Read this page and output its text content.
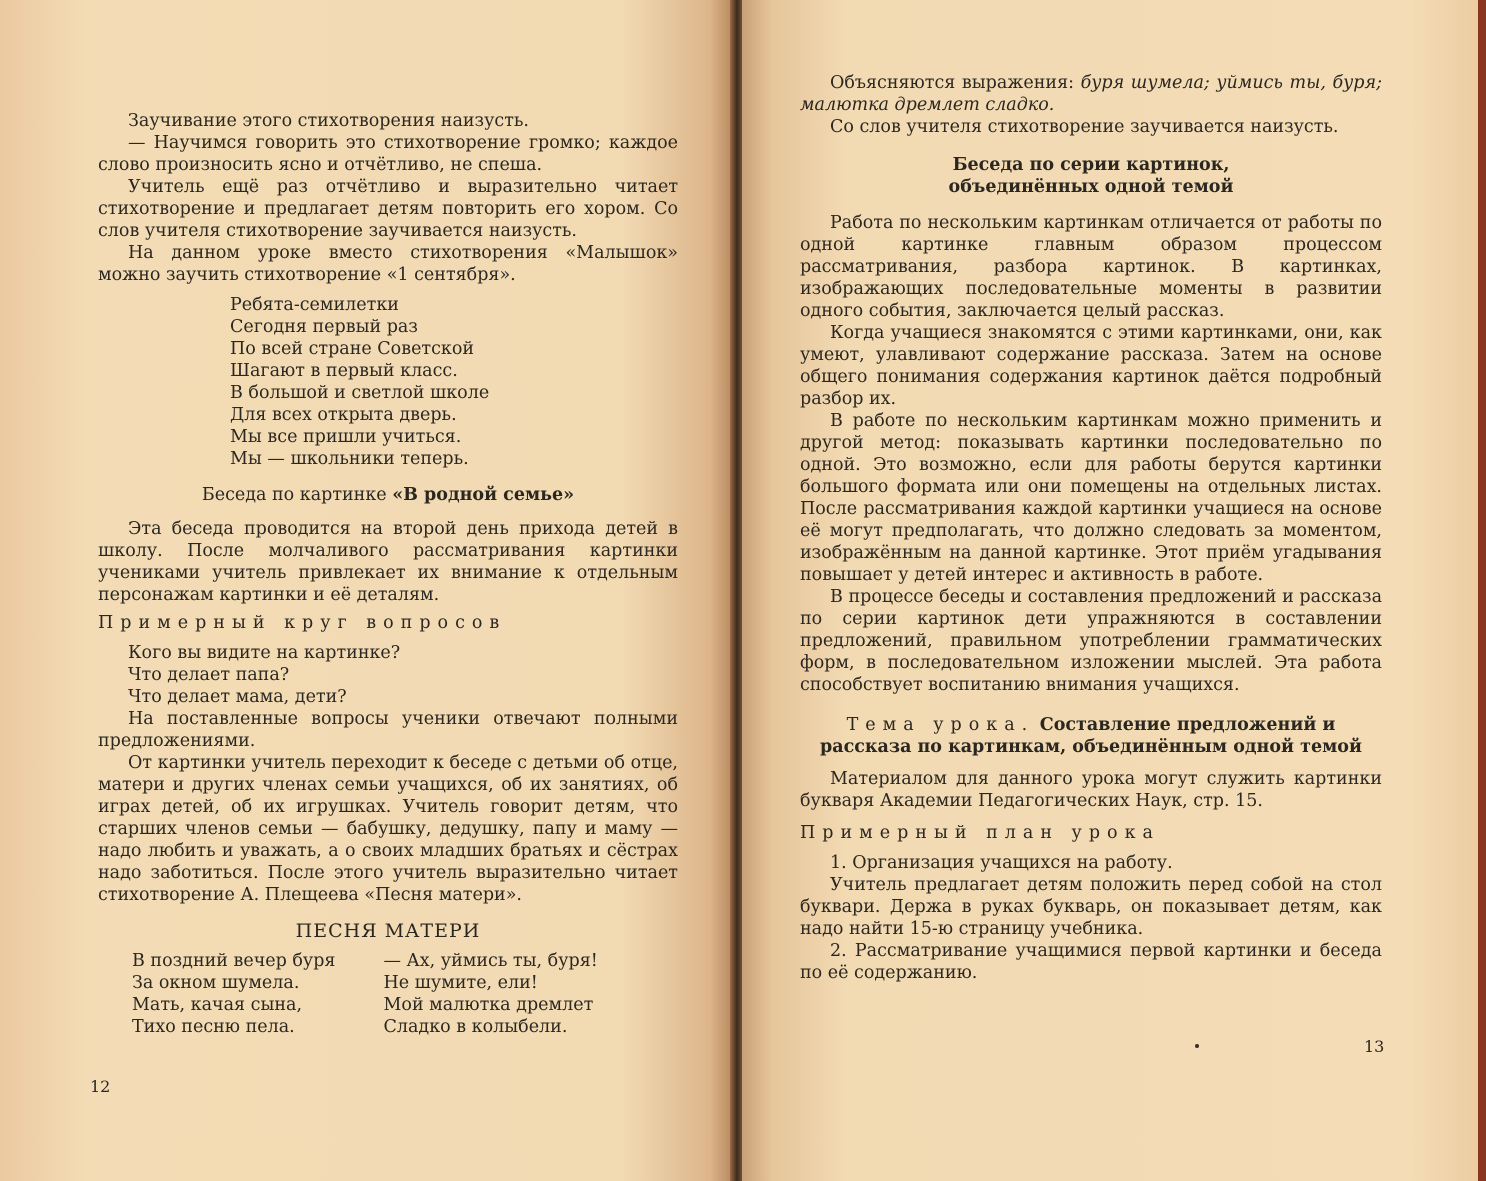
Заучивание этого стихотворения наизусть.

— Научимся говорить это стихотворение громко; каждое слово произносить ясно и отчётливо, не спеша.

Учитель ещё раз отчётливо и выразительно читает стихотворение и предлагает детям повторить его хором. Со слов учителя стихотворение заучивается наизусть.

На данном уроке вместо стихотворения «Малышок» можно заучить стихотворение «1 сентября».

Ребята-семилетки
Сегодня первый раз
По всей стране Советской
Шагают в первый класс.
В большой и светлой школе
Для всех открыта дверь.
Мы все пришли учиться.
Мы — школьники теперь.
Беседа по картинке «В родной семье»

Эта беседа проводится на второй день прихода детей в школу. После молчаливого рассматривания картинки учениками учитель привлекает их внимание к отдельным персонажам картинки и её деталям.

Примерный круг вопросов
Кого вы видите на картинке?
Что делает папа?
Что делает мама, дети?

На поставленные вопросы ученики отвечают полными предложениями.

От картинки учитель переходит к беседе с детьми об отце, матери и других членах семьи учащихся, об их занятиях, об играх детей, об их игрушках. Учитель говорит детям, что старших членов семьи — бабушку, дедушку, папу и маму — надо любить и уважать, а о своих младших братьях и сёстрах надо заботиться. После этого учитель выразительно читает стихотворение А. Плещеева «Песня матери».

ПЕСНЯ МАТЕРИ
В поздний вечер буря
За окном шумела.
Мать, качая сына,
Тихо песню пела.
— Ах, уймись ты, буря!
Не шумите, ели!
Мой малютка дремлет
Сладко в колыбели.
12

Объясняются выражения: буря шумела; уймись ты, буря; малютка дремлет сладко.

Со слов учителя стихотворение заучивается наизусть.

Беседа по серии картинок, объединённых одной темой

Работа по нескольким картинкам отличается от работы по одной картинке главным образом процессом рассматривания, разбора картинок. В картинках, изображающих последовательные моменты в развитии одного события, заключается целый рассказ.

Когда учащиеся знакомятся с этими картинками, они, как умеют, улавливают содержание рассказа. Затем на основе общего понимания содержания картинок даётся подробный разбор их.

В работе по нескольким картинкам можно применить и другой метод: показывать картинки последовательно по одной. Это возможно, если для работы берутся картинки большого формата или они помещены на отдельных листах. После рассматривания каждой картинки учащиеся на основе её могут предполагать, что должно следовать за моментом, изображённым на данной картинке. Этот приём угадывания повышает у детей интерес и активность в работе.

В процессе беседы и составления предложений и рассказа по серии картинок дети упражняются в составлении предложений, правильном употреблении грамматических форм, в последовательном изложении мыслей. Эта работа способствует воспитанию внимания учащихся.

Тема урока. Составление предложений и рассказа по картинкам, объединённым одной темой

Материалом для данного урока могут служить картинки букваря Академии Педагогических Наук, стр. 15.

Примерный план урока

1. Организация учащихся на работу.

Учитель предлагает детям положить перед собой на стол буквари. Держа в руках букварь, он показывает детям, как надо найти 15-ю страницу учебника.

2. Рассматривание учащимися первой картинки и беседа по её содержанию.

13
